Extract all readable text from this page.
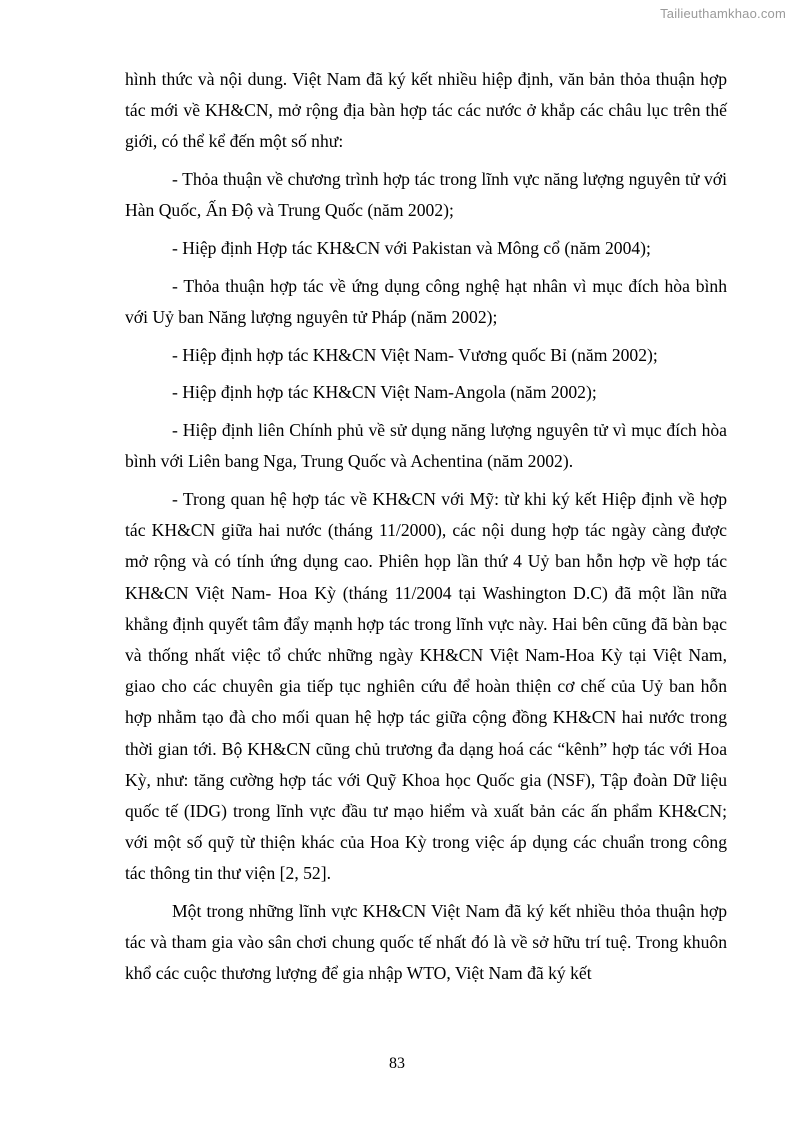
Tailieuthamkhao.com

hình thức và nội dung. Việt Nam đã ký kết nhiều hiệp định, văn bản thỏa thuận hợp tác mới về KH&CN, mở rộng địa bàn hợp tác các nước ở khắp các châu lục trên thế giới, có thể kể đến một số như:

- Thỏa thuận về chương trình hợp tác trong lĩnh vực năng lượng nguyên tử với Hàn Quốc, Ấn Độ và Trung Quốc (năm 2002);

- Hiệp định Hợp tác KH&CN với Pakistan và Mông cổ (năm 2004);

- Thỏa thuận hợp tác về ứng dụng công nghệ hạt nhân vì mục đích hòa bình với Uỷ ban Năng lượng nguyên tử Pháp (năm 2002);

- Hiệp định hợp tác KH&CN Việt Nam- Vương quốc Bỉ (năm 2002);

- Hiệp định hợp tác KH&CN Việt Nam-Angola (năm 2002);

- Hiệp định liên Chính phủ về sử dụng năng lượng nguyên tử vì mục đích hòa bình với Liên bang Nga, Trung Quốc và Achentina (năm 2002).

- Trong quan hệ hợp tác về KH&CN với Mỹ: từ khi ký kết Hiệp định về hợp tác KH&CN giữa hai nước (tháng 11/2000), các nội dung hợp tác ngày càng được mở rộng và có tính ứng dụng cao. Phiên họp lần thứ 4 Uỷ ban hỗn hợp về hợp tác KH&CN Việt Nam- Hoa Kỳ (tháng 11/2004 tại Washington D.C) đã một lần nữa khẳng định quyết tâm đẩy mạnh hợp tác trong lĩnh vực này. Hai bên cũng đã bàn bạc và thống nhất việc tổ chức những ngày KH&CN Việt Nam-Hoa Kỳ tại Việt Nam, giao cho các chuyên gia tiếp tục nghiên cứu để hoàn thiện cơ chế của Uỷ ban hỗn hợp nhằm tạo đà cho mối quan hệ hợp tác giữa cộng đồng KH&CN hai nước trong thời gian tới. Bộ KH&CN cũng chủ trương đa dạng hoá các “kênh” hợp tác với Hoa Kỳ, như: tăng cường hợp tác với Quỹ Khoa học Quốc gia (NSF), Tập đoàn Dữ liệu quốc tế (IDG) trong lĩnh vực đầu tư mạo hiểm và xuất bản các ấn phẩm KH&CN; với một số quỹ từ thiện khác của Hoa Kỳ trong việc áp dụng các chuẩn trong công tác thông tin thư viện [2, 52].

Một trong những lĩnh vực KH&CN Việt Nam đã ký kết nhiều thỏa thuận hợp tác và tham gia vào sân chơi chung quốc tế nhất đó là về sở hữu trí tuệ. Trong khuôn khổ các cuộc thương lượng để gia nhập WTO, Việt Nam đã ký kết

83
